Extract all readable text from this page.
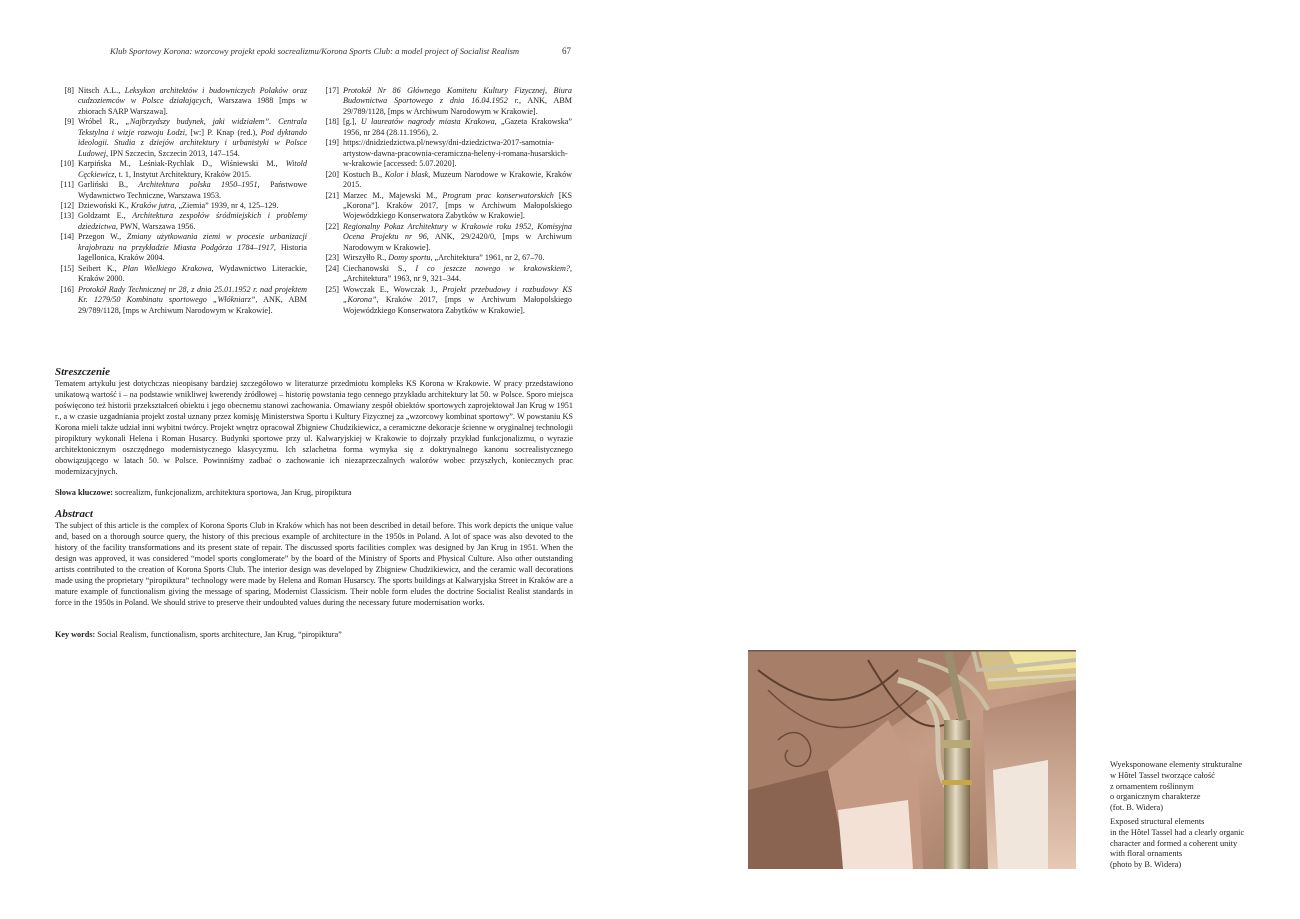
Klub Sportowy Korona: wzorcowy projekt epoki socrealizmu/Korona Sports Club: a model project of Socialist Realism	67
[8] Nitsch A.L., Leksykon architektów i budowniczych Polaków oraz cudzoziemców w Polsce działających, Warszawa 1988 [mps w zbiorach SARP Warszawa].
[9] Wróbel R., „Najbrzydszy budynek, jaki widziałem”. Centrala Tekstylna i wizje rozwoju Łodzi, [w:] P. Knap (red.), Pod dyktando ideologii. Studia z dziejów architektury i urbanistyki w Polsce Ludowej, IPN Szczecin, Szczecin 2013, 147–154.
[10] Karpińska M., Leśniak-Rychlak D., Wiśniewski M., Witold Cęckiewicz, t. 1, Instytut Architektury, Kraków 2015.
[11] Garliński B., Architektura polska 1950–1951, Państwowe Wydawnictwo Techniczne, Warszawa 1953.
[12] Dziewoński K., Kraków jutra, „Ziemia” 1939, nr 4, 125–129.
[13] Goldzamt E., Architektura zespołów śródmiejskich i problemy dziedzictwa, PWN, Warszawa 1956.
[14] Przegon W., Zmiany użytkowania ziemi w procesie urbanizacji krajobrazu na przykładzie Miasta Podgórza 1784–1917, Historia Iagellonica, Kraków 2004.
[15] Seibert K., Plan Wielkiego Krakowa, Wydawnictwo Literackie, Kraków 2000.
[16] Protokół Rady Technicznej nr 28, z dnia 25.01.1952 r. nad projektem Kr. 1279/50 Kombinatu sportowego „Włókniarz”, ANK, ABM 29/789/1128, [mps w Archiwum Narodowym w Krakowie].
[17] Protokół Nr 86 Głównego Komitetu Kultury Fizycznej, Biura Budownictwa Sportowego z dnia 16.04.1952 r., ANK, ABM 29/789/1128, [mps w Archiwum Narodowym w Krakowie].
[18] [g.], U laureatów nagrody miasta Krakowa, „Gazeta Krakowska” 1956, nr 284 (28.11.1956), 2.
[19] https://dnidziedzictwa.pl/newsy/dni-dziedzictwa-2017-samotnia-artystow-dawna-pracownia-ceramiczna-heleny-i-romana-husarskich-w-krakowie [accessed: 5.07.2020].
[20] Kostuch B., Kolor i blask, Muzeum Narodowe w Krakowie, Kraków 2015.
[21] Marzec M., Majewski M., Program prac konserwatorskich [KS „Korona”]. Kraków 2017, [mps w Archiwum Małopolskiego Wojewódzkiego Konserwatora Zabytków w Krakowie].
[22] Regionalny Pokaz Architektury w Krakowie roku 1952, Komisyjna Ocena Projektu nr 96, ANK, 29/2420/0, [mps w Archiwum Narodowym w Krakowie].
[23] Wirszyłło R., Domy sportu, „Architektura” 1961, nr 2, 67–70.
[24] Ciechanowski S., I co jeszcze nowego w krakowskiem?, „Architektura” 1963, nr 9, 321–344.
[25] Wowczak E., Wowczak J., Projekt przebudowy i rozbudowy KS „Korona”, Kraków 2017, [mps w Archiwum Małopolskiego Wojewódzkiego Konserwatora Zabytków w Krakowie].
Streszczenie
Tematem artykułu jest dotychczas nieopisany bardziej szczegółowo w literaturze przedmiotu kompleks KS Korona w Krakowie. W pracy przedstawiono unikatową wartość i – na podstawie wnikliwej kwerendy źródłowej – historię powstania tego cennego przykładu architektury lat 50. w Polsce. Sporo miejsca poświęcono też historii przekształceń obiektu i jego obecnemu stanowi zachowania. Omawiany zespół obiektów sportowych zaprojektował Jan Krug w 1951 r., a w czasie uzgadniania projekt został uznany przez komisję Ministerstwa Sportu i Kultury Fizycznej za „wzorcowy kombinat sportowy”. W powstaniu KS Korona mieli także udział inni wybitni twórcy. Projekt wnętrz opracował Zbigniew Chudzikiewicz, a ceramiczne dekoracje ścienne w oryginalnej technologii piropiktury wykonali Helena i Roman Husarcy. Budynki sportowe przy ul. Kalwaryjskiej w Krakowie to dojrzały przykład funkcjonalizmu, o wyrazie architektonicznym oszczędnego modernistycznego klasycyzmu. Ich szlachetna forma wymyka się z doktrynalnego kanonu socrealistycznego obowiązującego w latach 50. w Polsce. Powinniśmy zadbać o zachowanie ich niezaprzeczalnych walorów wobec przyszłych, koniecznych prac modernizacyjnych.
Słowa kluczowe: socrealizm, funkcjonalizm, architektura sportowa, Jan Krug, piropiktura
Abstract
The subject of this article is the complex of Korona Sports Club in Kraków which has not been described in detail before. This work depicts the unique value and, based on a thorough source query, the history of this precious example of architecture in the 1950s in Poland. A lot of space was also devoted to the history of the facility transformations and its present state of repair. The discussed sports facilities complex was designed by Jan Krug in 1951. When the design was approved, it was considered “model sports conglomerate” by the board of the Ministry of Sports and Physical Culture. Also other outstanding artists contributed to the creation of Korona Sports Club. The interior design was developed by Zbigniew Chudzikiewicz, and the ceramic wall decorations made using the proprietary “piropiktura” technology were made by Helena and Roman Husarscy. The sports buildings at Kalwaryjska Street in Kraków are a mature example of functionalism giving the message of sparing, Modernist Classicism. Their noble form eludes the doctrine Socialist Realist standards in force in the 1950s in Poland. We should strive to preserve their undoubted values during the necessary future modernisation works.
Key words: Social Realism, functionalism, sports architecture, Jan Krug, “piropiktura”
Wyeksponowane elementy strukturalne
w Hôtel Tassel tworzące całość
z ornamentem roślinnym
o organicznym charakterze
(fot. B. Widera)
Exposed structural elements
in the Hôtel Tassel had a clearly organic
character and formed a coherent unity
with floral ornaments
(photo by B. Widera)
